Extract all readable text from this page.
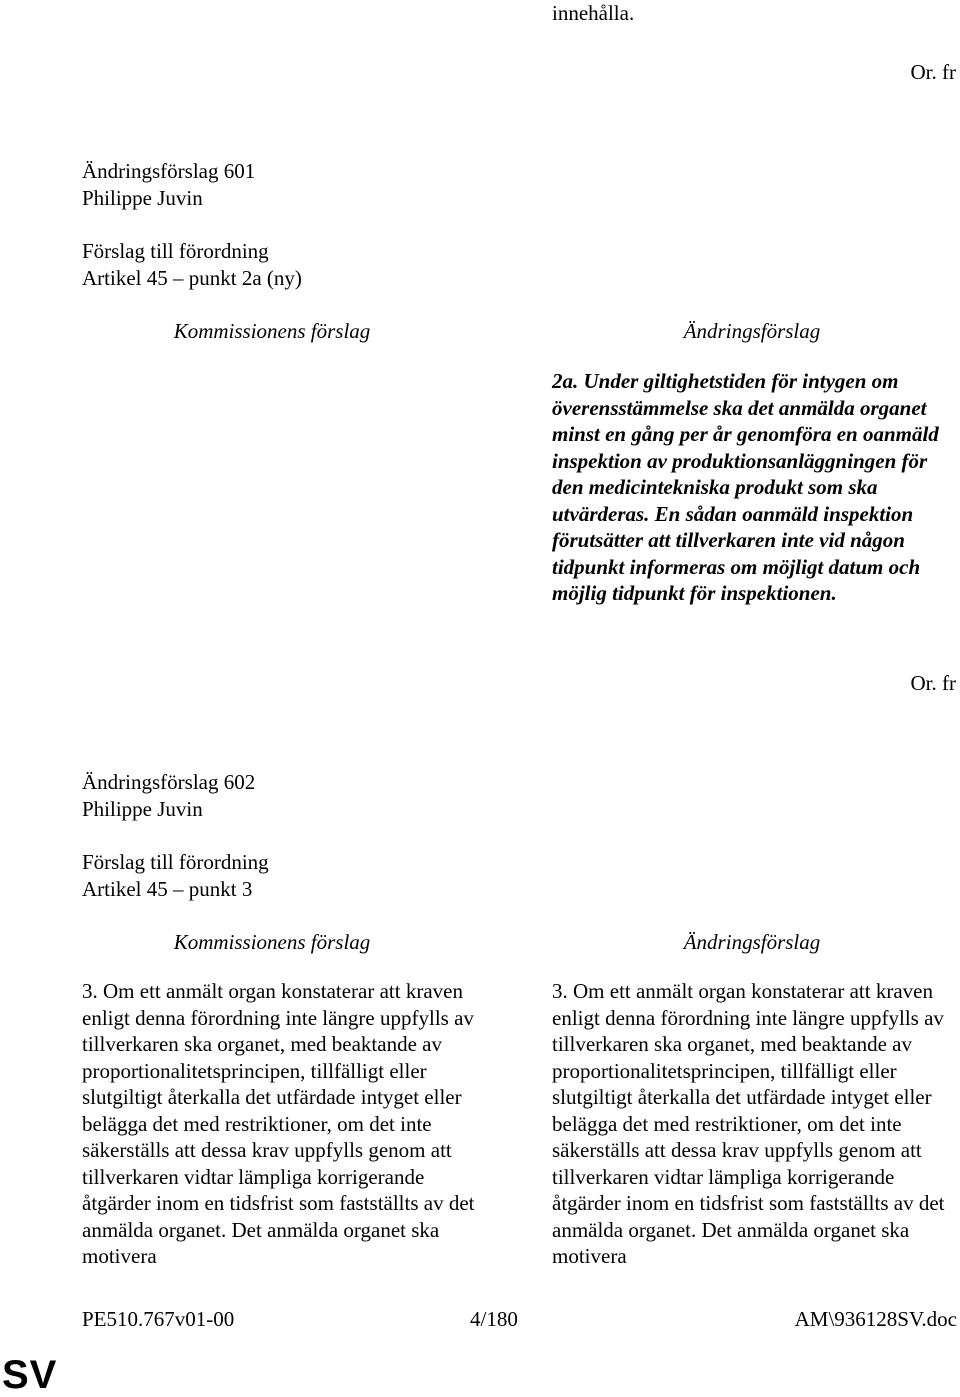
innehålla.
Or. fr
Ändringsförslag 601
Philippe Juvin
Förslag till förordning
Artikel 45 – punkt 2a (ny)
Kommissionens förslag	Ändringsförslag

2a. Under giltighetstiden för intygen om överensstämmelse ska det anmälda organet minst en gång per år genomföra en oanmäld inspektion av produktionsanläggningen för den medicintekniska produkt som ska utvärderas. En sådan oanmäld inspektion förutsätter att tillverkaren inte vid någon tidpunkt informeras om möjligt datum och möjlig tidpunkt för inspektionen.

Or. fr
Ändringsförslag 602
Philippe Juvin
Förslag till förordning
Artikel 45 – punkt 3
Kommissionens förslag	Ändringsförslag

3. Om ett anmält organ konstaterar att kraven enligt denna förordning inte längre uppfylls av tillverkaren ska organet, med beaktande av proportionalitetsprincipen, tillfälligt eller slutgiltigt återkalla det utfärdade intyget eller belägga det med restriktioner, om det inte säkerställs att dessa krav uppfylls genom att tillverkaren vidtar lämpliga korrigerande åtgärder inom en tidsfrist som fastställts av det anmälda organet. Det anmälda organet ska motivera

3. Om ett anmält organ konstaterar att kraven enligt denna förordning inte längre uppfylls av tillverkaren ska organet, med beaktande av proportionalitetsprincipen, tillfälligt eller slutgiltigt återkalla det utfärdade intyget eller belägga det med restriktioner, om det inte säkerställs att dessa krav uppfylls genom att tillverkaren vidtar lämpliga korrigerande åtgärder inom en tidsfrist som fastställts av det anmälda organet. Det anmälda organet ska motivera

PE510.767v01-00	4/180	AM\936128SV.doc
SV
